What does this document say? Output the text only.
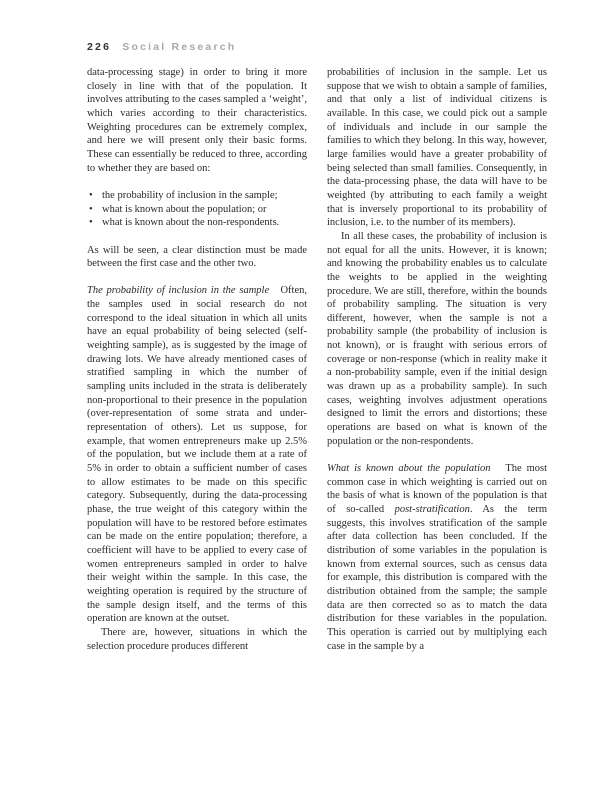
226 Social Research

data-processing stage) in order to bring it more closely in line with that of the population. It involves attributing to the cases sampled a ‘weight’, which varies according to their characteristics. Weighting procedures can be extremely complex, and here we will present only their basic forms. These can essentially be reduced to three, according to whether they are based on:

• the probability of inclusion in the sample;
• what is known about the population; or
• what is known about the non-respondents.

As will be seen, a clear distinction must be made between the first case and the other two.

The probability of inclusion in the sample Often, the samples used in social research do not correspond to the ideal situation in which all units have an equal probability of being selected (self-weighting sample), as is suggested by the image of drawing lots. We have already mentioned cases of stratified sampling in which the number of sampling units included in the strata is deliberately non-proportional to their presence in the population (over-representation of some strata and under-representation of others). Let us suppose, for example, that women entrepreneurs make up 2.5% of the population, but we include them at a rate of 5% in order to obtain a sufficient number of cases to allow estimates to be made on this specific category. Subsequently, during the data-processing phase, the true weight of this category within the population will have to be restored before estimates can be made on the entire population; therefore, a coefficient will have to be applied to every case of women entrepreneurs sampled in order to halve their weight within the sample. In this case, the weighting operation is required by the structure of the sample design itself, and the terms of this operation are known at the outset.

There are, however, situations in which the selection procedure produces different

probabilities of inclusion in the sample. Let us suppose that we wish to obtain a sample of families, and that only a list of individual citizens is available. In this case, we could pick out a sample of individuals and include in our sample the families to which they belong. In this way, however, large families would have a greater probability of being selected than small families. Consequently, in the data-processing phase, the data will have to be weighted (by attributing to each family a weight that is inversely proportional to its probability of inclusion, i.e. to the number of its members).

In all these cases, the probability of inclusion is not equal for all the units. However, it is known; and knowing the probability enables us to calculate the weights to be applied in the weighting procedure. We are still, therefore, within the bounds of probability sampling. The situation is very different, however, when the sample is not a probability sample (the probability of inclusion is not known), or is fraught with serious errors of coverage or non-response (which in reality make it a non-probability sample, even if the initial design was drawn up as a probability sample). In such cases, weighting involves adjustment operations designed to limit the errors and distortions; these operations are based on what is known of the population or the non-respondents.

What is known about the population The most common case in which weighting is carried out on the basis of what is known of the population is that of so-called post-stratification. As the term suggests, this involves stratification of the sample after data collection has been concluded. If the distribution of some variables in the population is known from external sources, such as census data for example, this distribution is compared with the distribution obtained from the sample; the sample data are then corrected so as to match the data distribution for these variables in the population. This operation is carried out by multiplying each case in the sample by a
